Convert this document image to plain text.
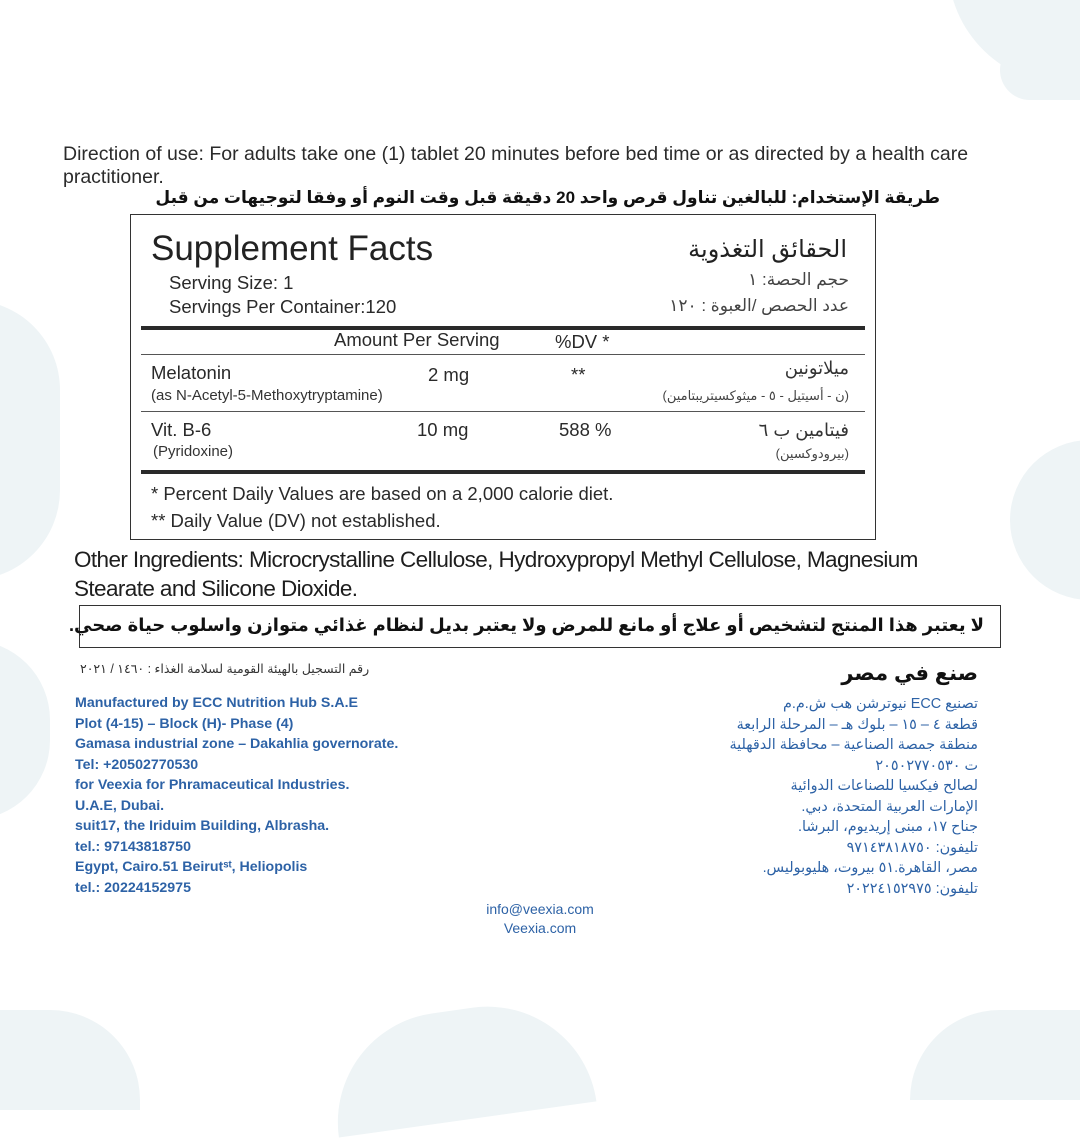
Direction of use: For adults take one (1) tablet 20 minutes before bed time or as directed by a health care practitioner.
طريقة الإستخدام: للبالغين تناول قرص واحد 20 دقيقة قبل وقت النوم أو وفقا لتوجيهات من قبل
Supplement Facts	الحقائق التغذوية
Serving Size: 1
Servings Per Container:120
حجم الحصة: ١
عدد الحصص /العبوة : ١٢٠
Amount Per Serving	%DV *
Melatonin
(as N-Acetyl-5-Methoxytryptamine)
2 mg	**	ميلاتونين
(ن - أسيتيل - ٥ - ميثوكسيتريبتامين)
Vit. B-6
(Pyridoxine)
10 mg	588 %	فيتامين ب ٦
(بيرودوكسين)
* Percent Daily Values are based on a 2,000 calorie diet.
** Daily Value (DV) not established.
Other Ingredients: Microcrystalline Cellulose, Hydroxypropyl Methyl Cellulose, Magnesium Stearate and Silicone Dioxide.
لا يعتبر هذا المنتج لتشخيص أو علاج أو مانع للمرض ولا يعتبر بديل لنظام غذائي متوازن واسلوب حياة صحي.
رقم التسجيل بالهيئة القومية لسلامة الغذاء : ١٤٦٠ / ٢٠٢١	صنع في مصر
Manufactured by ECC Nutrition Hub S.A.E
Plot (4-15) – Block (H)- Phase (4)
Gamasa industrial zone – Dakahlia governorate.
Tel: +20502770530
for Veexia for Phramaceutical Industries.
U.A.E, Dubai.
suit17, the Iriduim Building, Albrasha.
tel.: 97143818750
Egypt, Cairo.51 Beirutˢᵗ, Heliopolis
tel.: 20224152975
تصنيع ECC نيوترشن هب ش.م.م
قطعة ٤ – ١٥ – بلوك هـ – المرحلة الرابعة
منطقة جمصة الصناعية – محافظة الدقهلية
ت ٢٠٥٠٢٧٧٠٥٣٠
لصالح فيكسيا للصناعات الدوائية
الإمارات العربية المتحدة، دبي.
جناح ١٧، مبنى إريديوم، البرشا.
تليفون: ٩٧١٤٣٨١٨٧٥٠
مصر، القاهرة.٥١ بيروت، هليوبوليس.
تليفون: ٢٠٢٢٤١٥٢٩٧٥
info@veexia.com
Veexia.com
